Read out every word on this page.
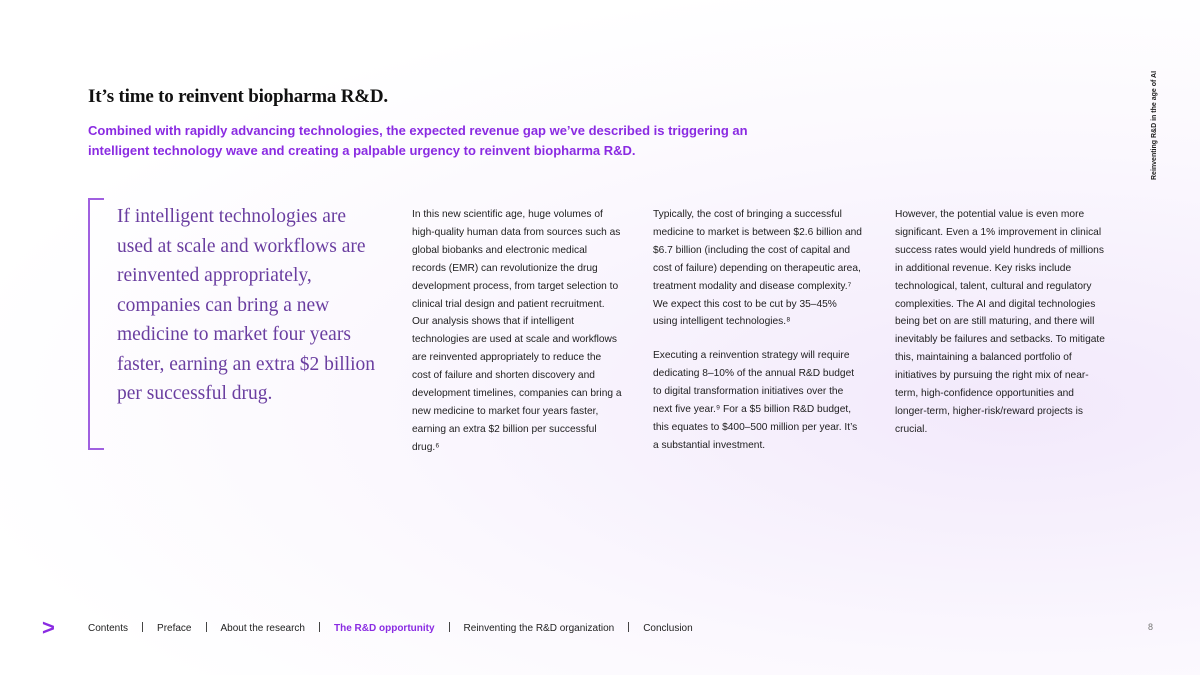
Reinventing R&D in the age of AI
It’s time to reinvent biopharma R&D.
Combined with rapidly advancing technologies, the expected revenue gap we’ve described is triggering an intelligent technology wave and creating a palpable urgency to reinvent biopharma R&D.
If intelligent technologies are used at scale and workflows are reinvented appropriately, companies can bring a new medicine to market four years faster, earning an extra $2 billion per successful drug.

In this new scientific age, huge volumes of high-quality human data from sources such as global biobanks and electronic medical records (EMR) can revolutionize the drug development process, from target selection to clinical trial design and patient recruitment. Our analysis shows that if intelligent technologies are used at scale and workflows are reinvented appropriately to reduce the cost of failure and shorten discovery and development timelines, companies can bring a new medicine to market four years faster, earning an extra $2 billion per successful drug.⁶

Typically, the cost of bringing a successful medicine to market is between $2.6 billion and $6.7 billion (including the cost of capital and cost of failure) depending on therapeutic area, treatment modality and disease complexity.⁷ We expect this cost to be cut by 35–45% using intelligent technologies.⁸

Executing a reinvention strategy will require dedicating 8–10% of the annual R&D budget to digital transformation initiatives over the next five year.⁹ For a $5 billion R&D budget, this equates to $400–500 million per year. It’s a substantial investment.

However, the potential value is even more significant. Even a 1% improvement in clinical success rates would yield hundreds of millions in additional revenue. Key risks include technological, talent, cultural and regulatory complexities. The AI and digital technologies being bet on are still maturing, and there will inevitably be failures and setbacks. To mitigate this, maintaining a balanced portfolio of initiatives by pursuing the right mix of near-term, high-confidence opportunities and longer-term, higher-risk/reward projects is crucial.

>	Contents	Preface	About the research	The R&D opportunity	Reinventing the R&D organization	Conclusion	8
